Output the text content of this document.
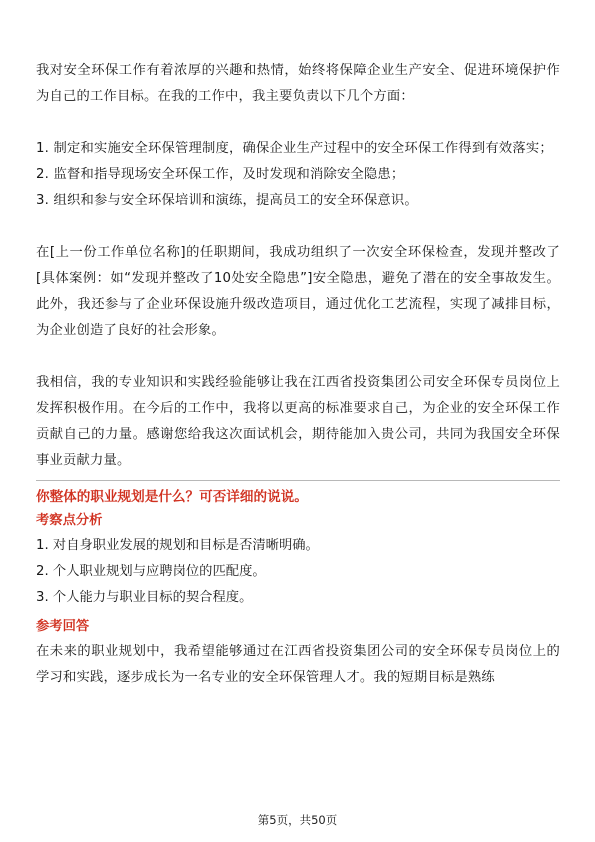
我对安全环保工作有着浓厚的兴趣和热情，始终将保障企业生产安全、促进环境保护作为自己的工作目标。在我的工作中，我主要负责以下几个方面：

1. 制定和实施安全环保管理制度，确保企业生产过程中的安全环保工作得到有效落实；

2. 监督和指导现场安全环保工作，及时发现和消除安全隐患；

3. 组织和参与安全环保培训和演练，提高员工的安全环保意识。

在[上一份工作单位名称]的任职期间，我成功组织了一次安全环保检查，发现并整改了[具体案例：如“发现并整改了10处安全隐患”]安全隐患，避免了潜在的安全事故发生。此外，我还参与了企业环保设施升级改造项目，通过优化工艺流程，实现了减排目标，为企业创造了良好的社会形象。

我相信，我的专业知识和实践经验能够让我在江西省投资集团公司安全环保专员岗位上发挥积极作用。在今后的工作中，我将以更高的标准要求自己，为企业的安全环保工作贡献自己的力量。感谢您给我这次面试机会，期待能加入贵公司，共同为我国安全环保事业贡献力量。

你整体的职业规划是什么？可否详细的说说。

考察点分析

1. 对自身职业发展的规划和目标是否清晰明确。

2. 个人职业规划与应聘岗位的匹配度。

3. 个人能力与职业目标的契合程度。

参考回答

在未来的职业规划中，我希望能够通过在江西省投资集团公司的安全环保专员岗位上的学习和实践，逐步成长为一名专业的安全环保管理人才。我的短期目标是熟练

第5页，共50页
